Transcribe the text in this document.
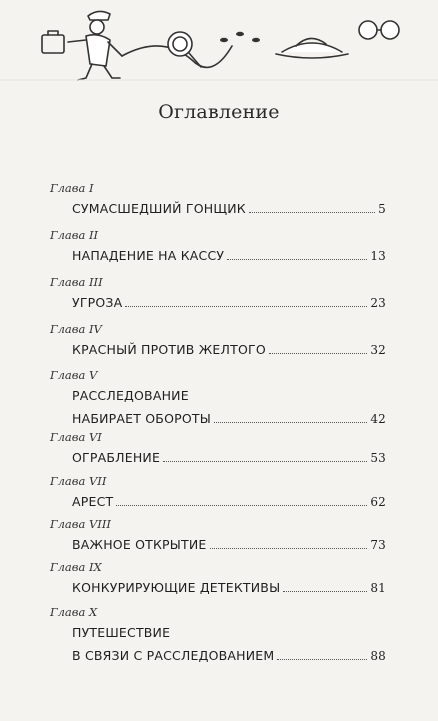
Оглавление
Глава I
СУМАСШЕДШИЙ ГОНЩИК	5
Глава II
НАПАДЕНИЕ НА КАССУ	13
Глава III
УГРОЗА	23
Глава IV
КРАСНЫЙ ПРОТИВ ЖЕЛТОГО	32
Глава V
РАССЛЕДОВАНИЕ
НАБИРАЕТ ОБОРОТЫ	42
Глава VI
ОГРАБЛЕНИЕ	53
Глава VII
АРЕСТ	62
Глава VIII
ВАЖНОЕ ОТКРЫТИЕ	73
Глава IX
КОНКУРИРУЮЩИЕ ДЕТЕКТИВЫ	81
Глава X
ПУТЕШЕСТВИЕ
В СВЯЗИ С РАССЛЕДОВАНИЕМ	88
